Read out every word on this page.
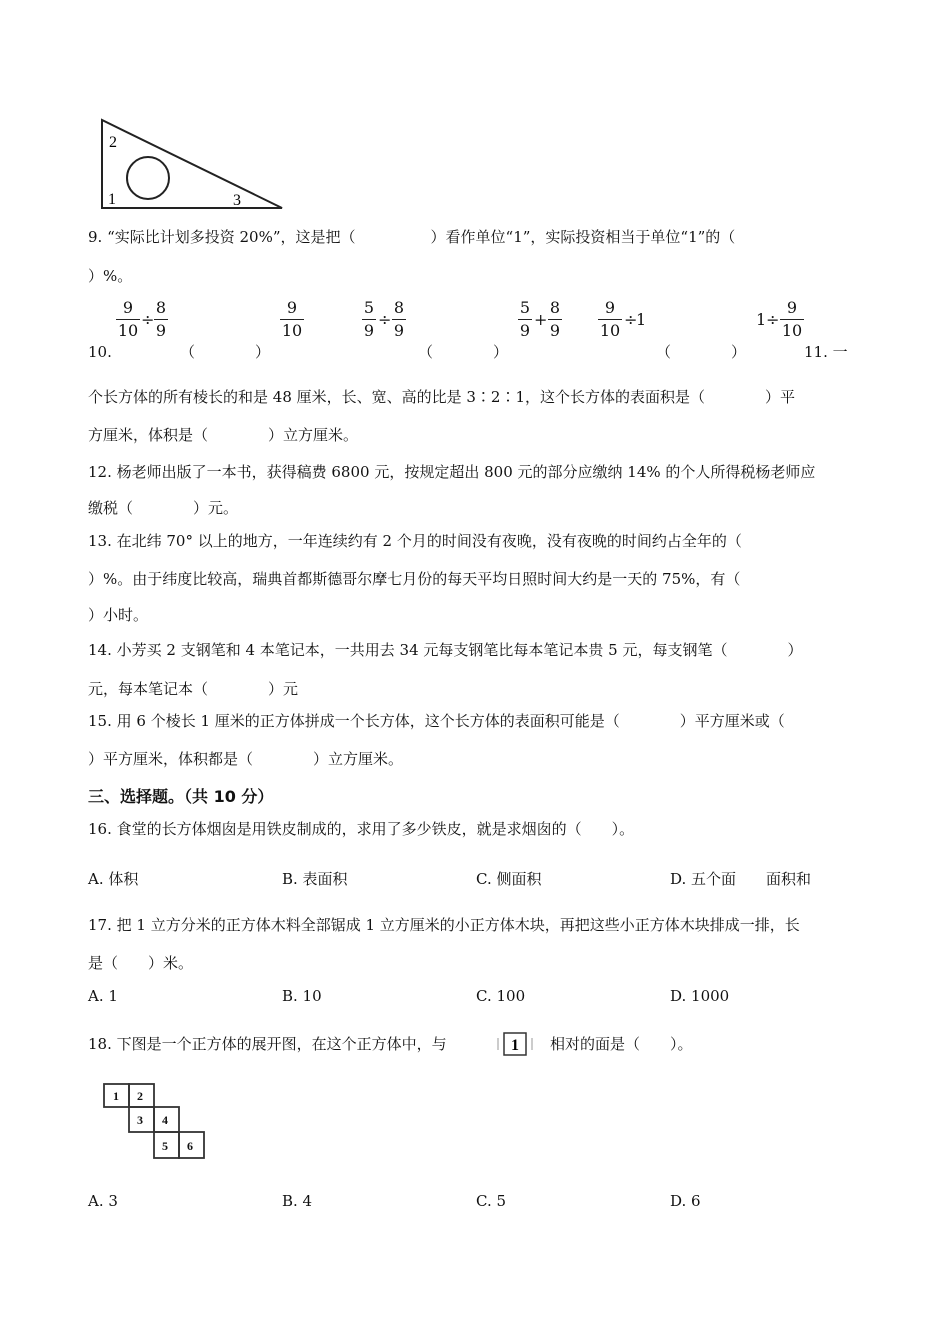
2
1	3
9. “实际比计划多投资 20%”，这是把（　　　　　）看作单位“1”，实际投资相当于单位“1”的（
）%。
9
10
÷
8
9
9
10
5
9
÷
8
9
5
9
+
8
9
9
10
÷
1	1 ÷
9
10
10.	（　　　　）	（　　　　）	（　　　　）	11. 一
个长方体的所有棱长的和是 48 厘米，长、宽、高的比是 3∶2∶1，这个长方体的表面积是（　　　　）平
方厘米，体积是（　　　　）立方厘米。
12. 杨老师出版了一本书，获得稿费 6800 元，按规定超出 800 元的部分应缴纳 14% 的个人所得税杨老师应
缴税（　　　　）元。
13. 在北纬 70° 以上的地方，一年连续约有 2 个月的时间没有夜晚，没有夜晚的时间约占全年的（
）%。由于纬度比较高，瑞典首都斯德哥尔摩七月份的每天平均日照时间大约是一天的 75%，有（
）小时。
14. 小芳买 2 支钢笔和 4 本笔记本，一共用去 34 元每支钢笔比每本笔记本贵 5 元，每支钢笔（　　　　）
元，每本笔记本（　　　　）元
15. 用 6 个棱长 1 厘米的正方体拼成一个长方体，这个长方体的表面积可能是（　　　　）平方厘米或（
）平方厘米，体积都是（　　　　）立方厘米。
三、选择题。（共 10 分）
16. 食堂的长方体烟囱是用铁皮制成的，求用了多少铁皮，就是求烟囱的（　　）。
A. 体积	B. 表面积	C. 侧面积	D. 五个面　　面积和
17. 把 1 立方分米的正方体木料全部锯成 1 立方厘米的小正方体木块，再把这些小正方体木块排成一排，长
是（　　）米。
A. 1	B. 10	C. 100	D. 1000
18. 下图是一个正方体的展开图，在这个正方体中，与	1 相对的面是（　　）。
1 2
3 4
5 6
A. 3	B. 4	C. 5	D. 6
